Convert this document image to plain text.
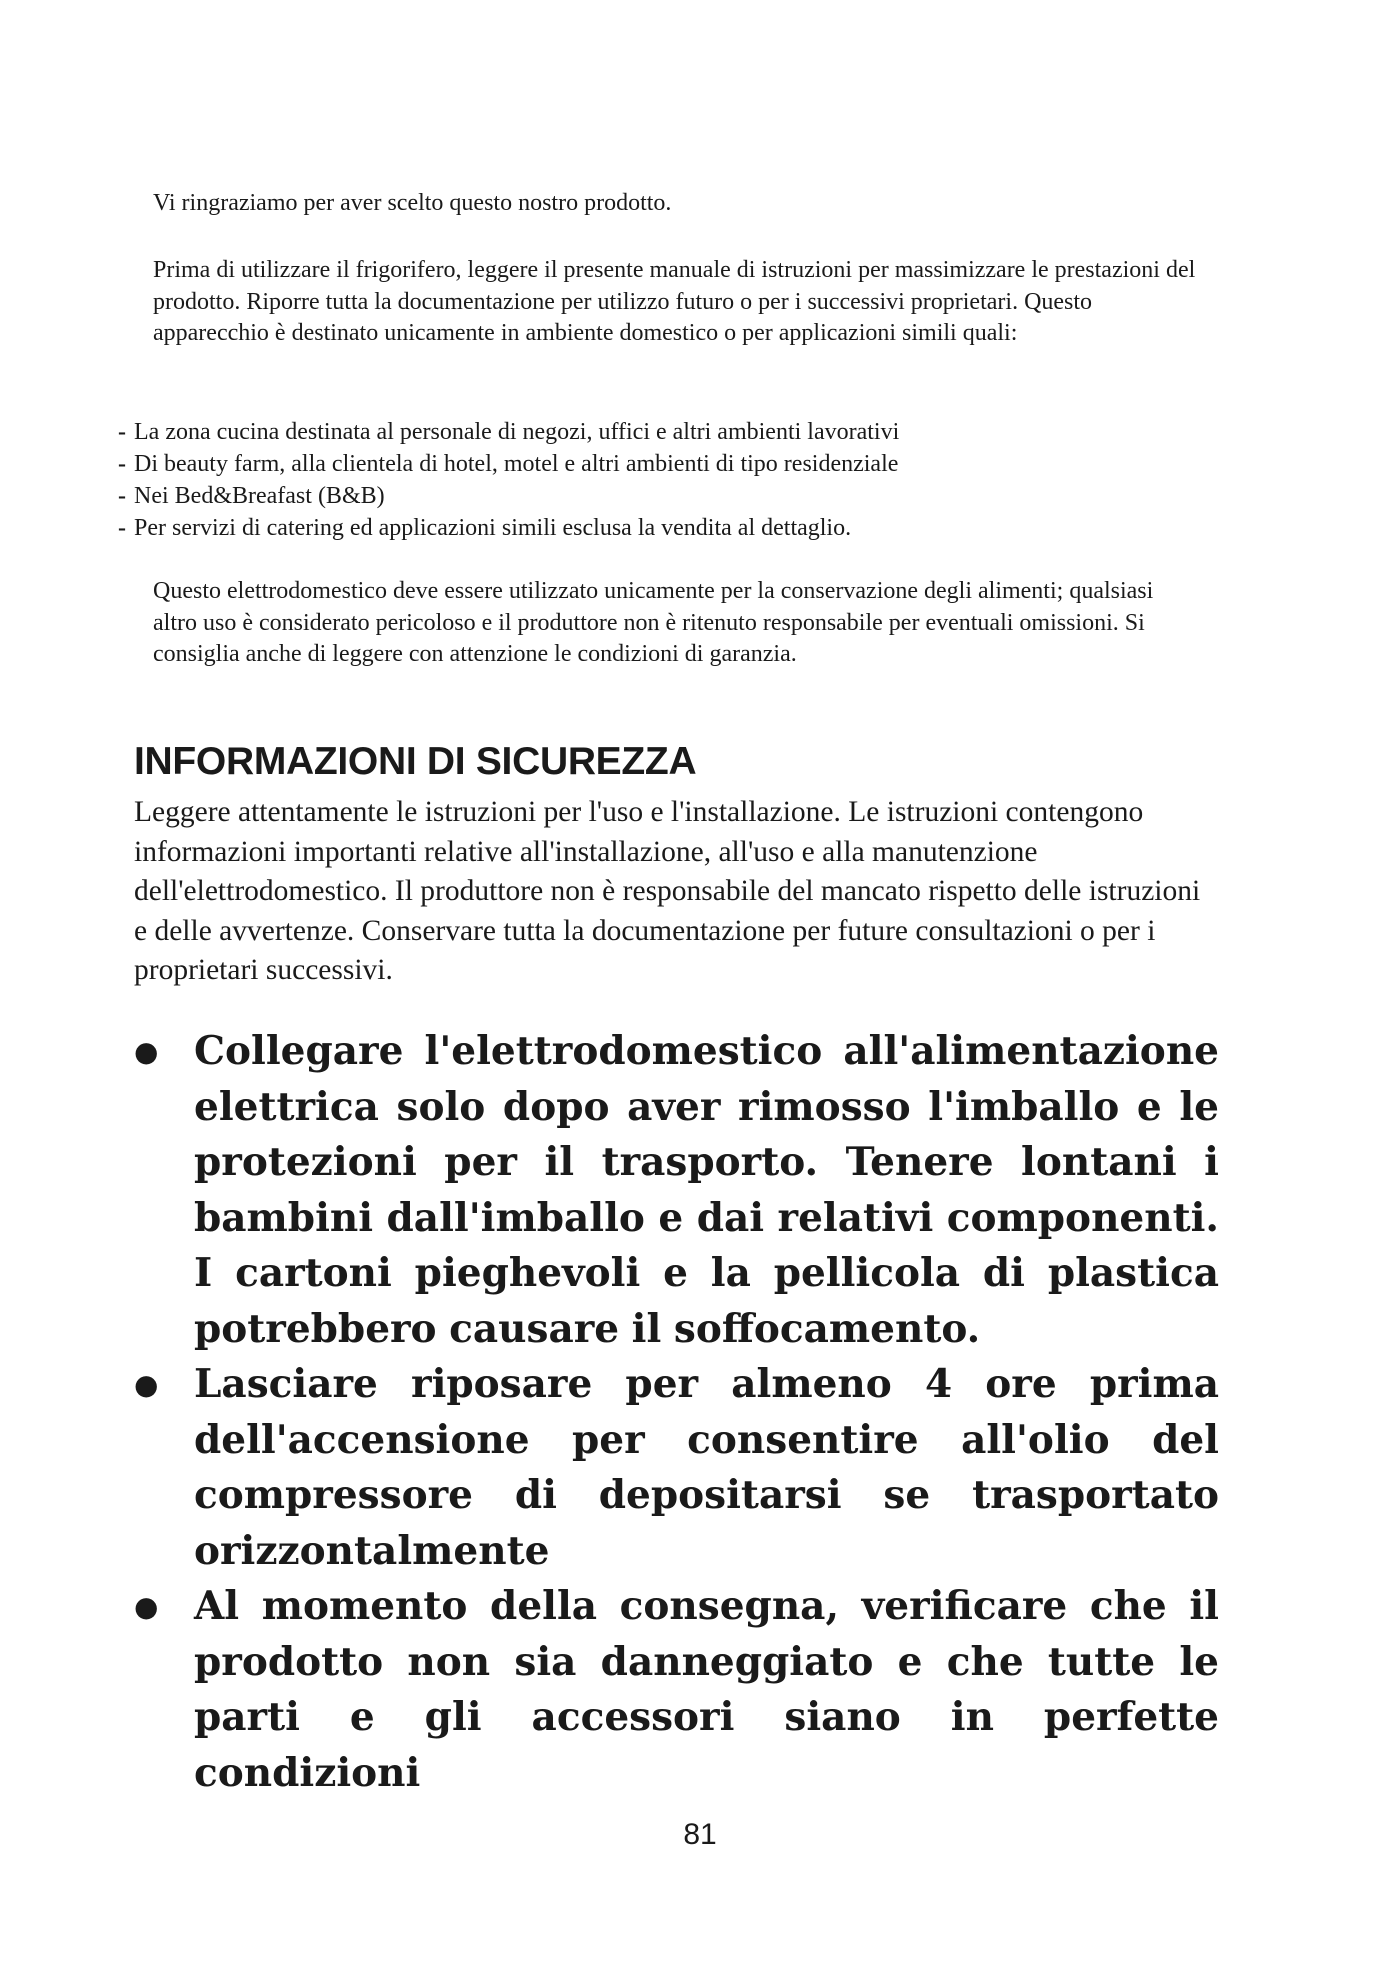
Vi ringraziamo per aver scelto questo nostro prodotto.

Prima di utilizzare il frigorifero, leggere il presente manuale di istruzioni per massimizzare le prestazioni del prodotto. Riporre tutta la documentazione per utilizzo futuro o per i successivi proprietari. Questo apparecchio è destinato unicamente in ambiente domestico o per applicazioni simili quali:

- La zona cucina destinata al personale di negozi, uffici e altri ambienti lavorativi
- Di beauty farm, alla clientela di hotel, motel e altri ambienti di tipo residenziale
- Nei Bed&Breafast (B&B)
- Per servizi di catering ed applicazioni simili esclusa la vendita al dettaglio.

Questo elettrodomestico deve essere utilizzato unicamente per la conservazione degli alimenti; qualsiasi altro uso è considerato pericoloso e il produttore non è ritenuto responsabile per eventuali omissioni. Si consiglia anche di leggere con attenzione le condizioni di garanzia.

INFORMAZIONI DI SICUREZZA

Leggere attentamente le istruzioni per l'uso e l'installazione. Le istruzioni contengono informazioni importanti relative all'installazione, all'uso e alla manutenzione dell'elettrodomestico. Il produttore non è responsabile del mancato rispetto delle istruzioni e delle avvertenze. Conservare tutta la documentazione per future consultazioni o per i proprietari successivi.

● Collegare l'elettrodomestico all'alimentazione elettrica solo dopo aver rimosso l'imballo e le protezioni per il trasporto. Tenere lontani i bambini dall'imballo e dai relativi componenti. I cartoni pieghevoli e la pellicola di plastica potrebbero causare il soffocamento.
● Lasciare riposare per almeno 4 ore prima dell'accensione per consentire all'olio del compressore di depositarsi se trasportato orizzontalmente
● Al momento della consegna, verificare che il prodotto non sia danneggiato e che tutte le parti e gli accessori siano in perfette condizioni

81
